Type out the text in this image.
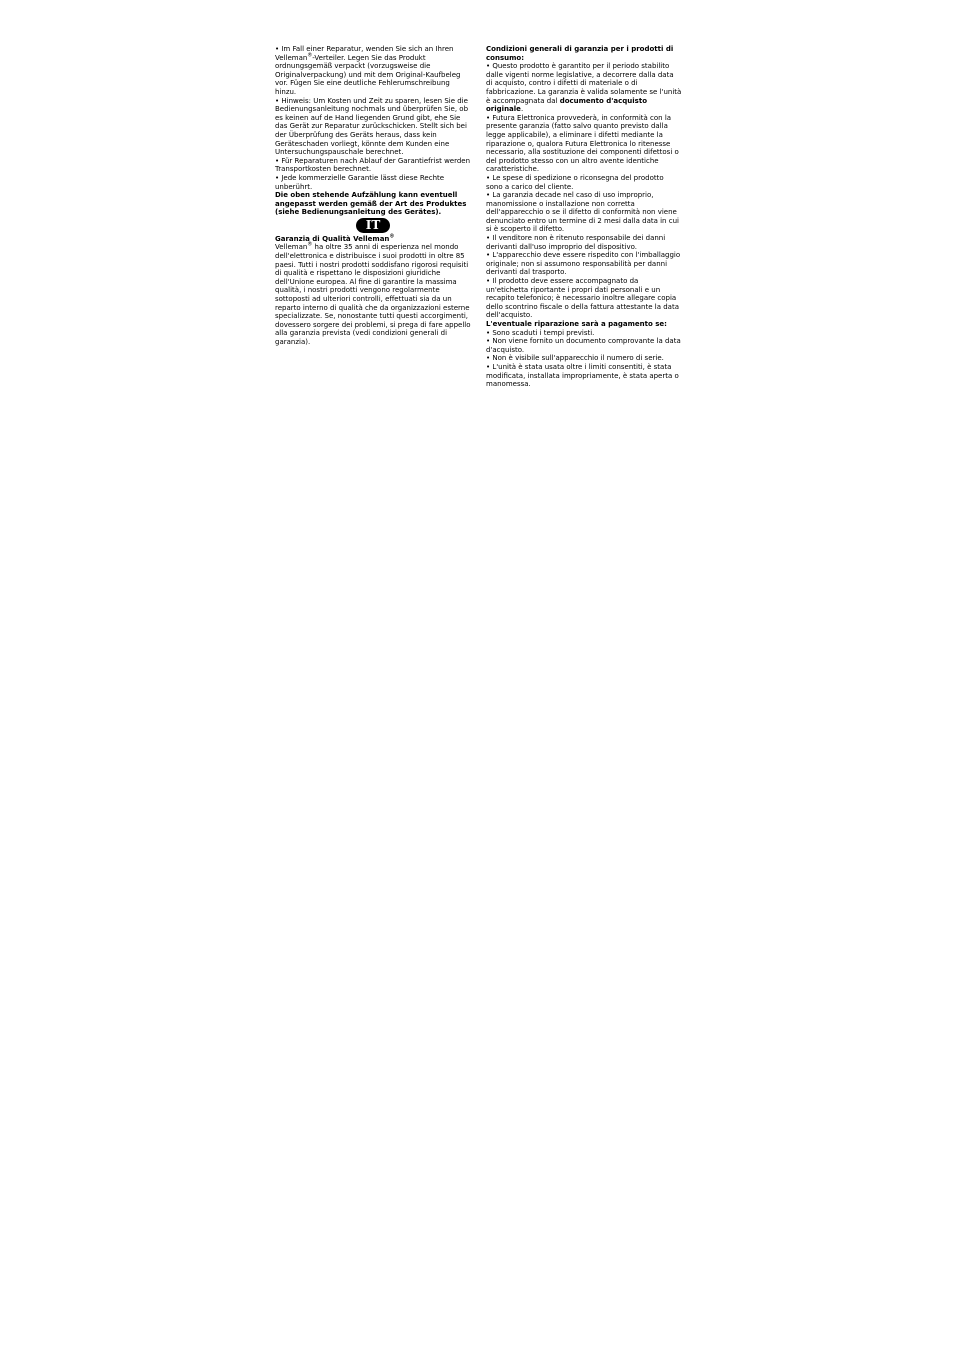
• Im Fall einer Reparatur, wenden Sie sich an Ihren Velleman®-Verteiler. Legen Sie das Produkt ordnungsgemäß verpackt (vorzugsweise die Originalverpackung) und mit dem Original-Kaufbeleg vor. Fügen Sie eine deutliche Fehlerumschreibung hinzu.

• Hinweis: Um Kosten und Zeit zu sparen, lesen Sie die Bedienungsanleitung nochmals und überprüfen Sie, ob es keinen auf de Hand liegenden Grund gibt, ehe Sie das Gerät zur Reparatur zurückschicken. Stellt sich bei der Überprüfung des Geräts heraus, dass kein Geräteschaden vorliegt, könnte dem Kunden eine Untersuchungspauschale berechnet.

• Für Reparaturen nach Ablauf der Garantiefrist werden Transportkosten berechnet.

• Jede kommerzielle Garantie lässt diese Rechte unberührt.

Die oben stehende Aufzählung kann eventuell angepasst werden gemäß der Art des Produktes (siehe Bedienungsanleitung des Gerätes).

IT

Garanzia di Qualità Velleman®

Velleman® ha oltre 35 anni di esperienza nel mondo dell'elettronica e distribuisce i suoi prodotti in oltre 85 paesi. Tutti i nostri prodotti soddisfano rigorosi requisiti di qualità e rispettano le disposizioni giuridiche dell'Unione europea. Al fine di garantire la massima qualità, i nostri prodotti vengono regolarmente sottoposti ad ulteriori controlli, effettuati sia da un reparto interno di qualità che da organizzazioni esterne specializzate. Se, nonostante tutti questi accorgimenti, dovessero sorgere dei problemi, si prega di fare appello alla garanzia prevista (vedi condizioni generali di garanzia).

Condizioni generali di garanzia per i prodotti di consumo:

• Questo prodotto è garantito per il periodo stabilito dalle vigenti norme legislative, a decorrere dalla data di acquisto, contro i difetti di materiale o di fabbricazione. La garanzia è valida solamente se l'unità è accompagnata dal documento d'acquisto originale.

• Futura Elettronica provvederà, in conformità con la presente garanzia (fatto salvo quanto previsto dalla legge applicabile), a eliminare i difetti mediante la riparazione o, qualora Futura Elettronica lo ritenesse necessario, alla sostituzione dei componenti difettosi o del prodotto stesso con un altro avente identiche caratteristiche.

• Le spese di spedizione o riconsegna del prodotto sono a carico del cliente.

• La garanzia decade nel caso di uso improprio, manomissione o installazione non corretta dell'apparecchio o se il difetto di conformità non viene denunciato entro un termine di 2 mesi dalla data in cui si è scoperto il difetto.

• Il venditore non è ritenuto responsabile dei danni derivanti dall'uso improprio del dispositivo.

• L'apparecchio deve essere rispedito con l'imballaggio originale; non si assumono responsabilità per danni derivanti dal trasporto.

• Il prodotto deve essere accompagnato da un'etichetta riportante i propri dati personali e un recapito telefonico; è necessario inoltre allegare copia dello scontrino fiscale o della fattura attestante la data dell'acquisto.

L'eventuale riparazione sarà a pagamento se:

• Sono scaduti i tempi previsti.

• Non viene fornito un documento comprovante la data d'acquisto.

• Non è visibile sull'apparecchio il numero di serie.

• L'unità è stata usata oltre i limiti consentiti, è stata modificata, installata impropriamente, è stata aperta o manomessa.
